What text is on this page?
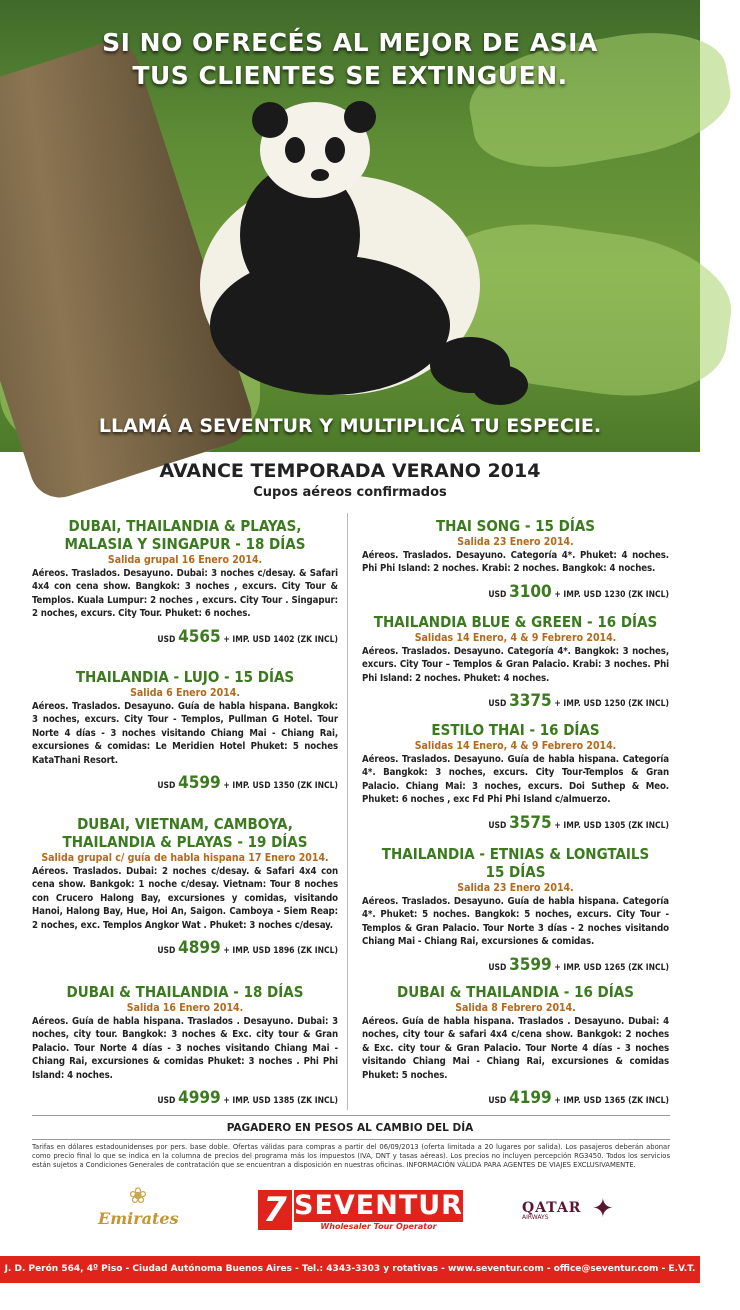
SI NO OFRECÉS AL MEJOR DE ASIA
TUS CLIENTES SE EXTINGUEN.
LLAMÁ A SEVENTUR Y MULTIPLICÁ TU ESPECIE.
AVANCE TEMPORADA VERANO 2014
Cupos aéreos confirmados
DUBAI, THAILANDIA & PLAYAS, MALASIA Y SINGAPUR - 18 DÍAS
Salida grupal 16 Enero 2014.
Aéreos. Traslados. Desayuno. Dubai: 3 noches c/desay. & Safari 4x4 con cena show. Bangkok: 3 noches , excurs. City Tour & Templos. Kuala Lumpur: 2 noches , excurs. City Tour . Singapur: 2 noches, excurs. City Tour. Phuket: 6 noches.
USD 4565 + IMP. USD 1402 (ZK INCL)
THAILANDIA - LUJO - 15 DÍAS
Salida 6 Enero 2014.
Aéreos. Traslados. Desayuno. Guía de habla hispana. Bangkok: 3 noches, excurs. City Tour - Templos, Pullman G Hotel. Tour Norte 4 días - 3 noches visitando Chiang Mai - Chiang Rai, excursiones & comidas: Le Meridien Hotel Phuket: 5 noches KataThani Resort.
USD 4599 + IMP. USD 1350 (ZK INCL)
DUBAI, VIETNAM, CAMBOYA, THAILANDIA & PLAYAS - 19 DÍAS
Salida grupal c/ guía de habla hispana 17 Enero 2014.
Aéreos. Traslados. Dubai: 2 noches c/desay. & Safari 4x4 con cena show. Bankgok: 1 noche c/desay. Vietnam: Tour 8 noches con Crucero Halong Bay, excursiones y comidas, visitando Hanoi, Halong Bay, Hue, Hoi An, Saigon. Camboya - Siem Reap: 2 noches, exc. Templos Angkor Wat . Phuket: 3 noches c/desay.
USD 4899 + IMP. USD 1896 (ZK INCL)
DUBAI & THAILANDIA - 18 DÍAS
Salida 16 Enero 2014.
Aéreos. Guía de habla hispana. Traslados . Desayuno. Dubai: 3 noches, city tour. Bangkok: 3 noches & Exc. city tour & Gran Palacio. Tour Norte 4 días - 3 noches visitando Chiang Mai - Chiang Rai, excursiones & comidas Phuket: 3 noches . Phi Phi Island: 4 noches.
USD 4999 + IMP. USD 1385 (ZK INCL)
THAI SONG - 15 DÍAS
Salida 23 Enero 2014.
Aéreos. Traslados. Desayuno. Categoría 4*. Phuket: 4 noches. Phi Phi Island: 2 noches. Krabi: 2 noches. Bangkok: 4 noches.
USD 3100 + IMP. USD 1230 (ZK INCL)
THAILANDIA BLUE & GREEN - 16 DÍAS
Salidas 14 Enero, 4 & 9 Febrero 2014.
Aéreos. Traslados. Desayuno. Categoría 4*. Bangkok: 3 noches, excurs. City Tour – Templos & Gran Palacio. Krabi: 3 noches. Phi Phi Island: 2 noches. Phuket: 4 noches.
USD 3375 + IMP. USD 1250 (ZK INCL)
ESTILO THAI - 16 DÍAS
Salidas 14 Enero, 4 & 9 Febrero 2014.
Aéreos. Traslados. Desayuno. Guía de habla hispana. Categoría 4*. Bangkok: 3 noches, excurs. City Tour-Templos & Gran Palacio. Chiang Mai: 3 noches, excurs. Doi Suthep & Meo. Phuket: 6 noches , exc Fd Phi Phi Island c/almuerzo.
USD 3575 + IMP. USD 1305 (ZK INCL)
THAILANDIA - ETNIAS & LONGTAILS 15 DÍAS
Salida 23 Enero 2014.
Aéreos. Traslados. Desayuno. Guía de habla hispana. Categoría 4*. Phuket: 5 noches. Bangkok: 5 noches, excurs. City Tour - Templos & Gran Palacio. Tour Norte 3 días - 2 noches visitando Chiang Mai - Chiang Rai, excursiones & comidas.
USD 3599 + IMP. USD 1265 (ZK INCL)
DUBAI & THAILANDIA - 16 DÍAS
Salida 8 Febrero 2014.
Aéreos. Guía de habla hispana. Traslados . Desayuno. Dubai: 4 noches, city tour & safari 4x4 c/cena show. Bankgok: 2 noches & Exc. city tour & Gran Palacio. Tour Norte 4 días - 3 noches visitando Chiang Mai - Chiang Rai, excursiones & comidas Phuket: 5 noches.
USD 4199 + IMP. USD 1365 (ZK INCL)
PAGADERO EN PESOS AL CAMBIO DEL DÍA
Tarifas en dólares estadounidenses por pers. base doble. Ofertas válidas para compras a partir del 06/09/2013 (oferta limitada a 20 lugares por salida). Los pasajeros deberán abonar como precio final lo que se indica en la columna de precios del programa más los impuestos (IVA, DNT y tasas aéreas). Los precios no incluyen percepción RG3450. Todos los servicios están sujetos a Condiciones Generales de contratación que se encuentran a disposición en nuestras oficinas. INFORMACIÓN VÁLIDA PARA AGENTES DE VIAJES EXCLUSIVAMENTE.
❀
Emirates 7 SEVENTUR
Wholesaler Tour Operator
QATAR
AIRWAYS	✦
J. D. Perón 564, 4º Piso - Ciudad Autónoma Buenos Aires - Tel.: 4343-3303 y rotativas - www.seventur.com - office@seventur.com - E.V.T. Leg. 0028
